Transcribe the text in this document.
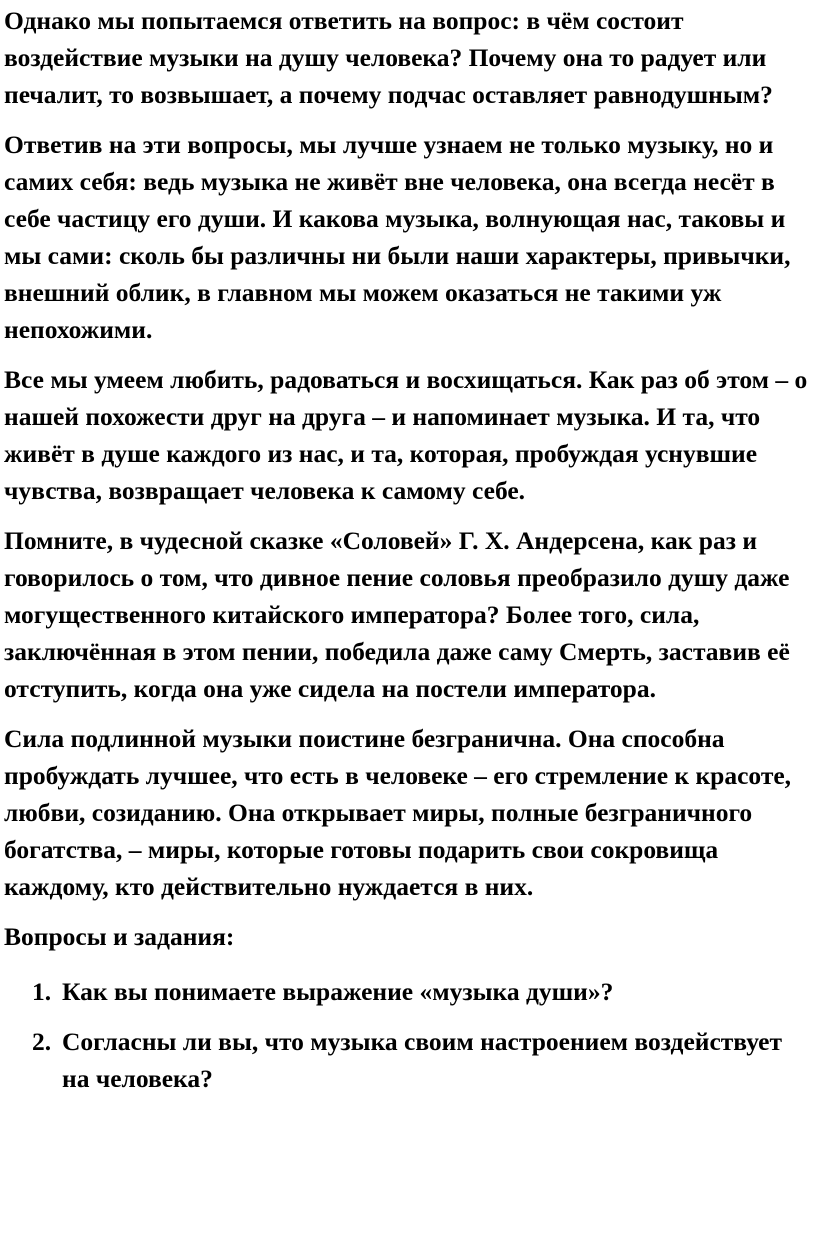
Однако мы попытаемся ответить на вопрос: в чём состоит воздействие музыки на душу человека? Почему она то радует или печалит, то возвышает, а почему подчас оставляет равнодушным?

Ответив на эти вопросы, мы лучше узнаем не только музыку, но и самих себя: ведь музыка не живёт вне человека, она всегда несёт в себе частицу его души. И какова музыка, волнующая нас, таковы и мы сами: сколь бы различны ни были наши характеры, привычки, внешний облик, в главном мы можем оказаться не такими уж непохожими.

Все мы умеем любить, радоваться и восхищаться. Как раз об этом – о нашей похожести друг на друга – и напоминает музыка. И та, что живёт в душе каждого из нас, и та, которая, пробуждая уснувшие чувства, возвращает человека к самому себе.

Помните, в чудесной сказке «Соловей» Г. Х. Андерсена, как раз и говорилось о том, что дивное пение соловья преобразило душу даже могущественного китайского императора? Более того, сила, заключённая в этом пении, победила даже саму Смерть, заставив её отступить, когда она уже сидела на постели императора.

Сила подлинной музыки поистине безгранична. Она способна пробуждать лучшее, что есть в человеке – его стремление к красоте, любви, созиданию. Она открывает миры, полные безграничного богатства, – миры, которые готовы подарить свои сокровища каждому, кто действительно нуждается в них.

Вопросы и задания:

1. Как вы понимаете выражение «музыка души»?
2. Согласны ли вы, что музыка своим настроением воздействует на человека?
